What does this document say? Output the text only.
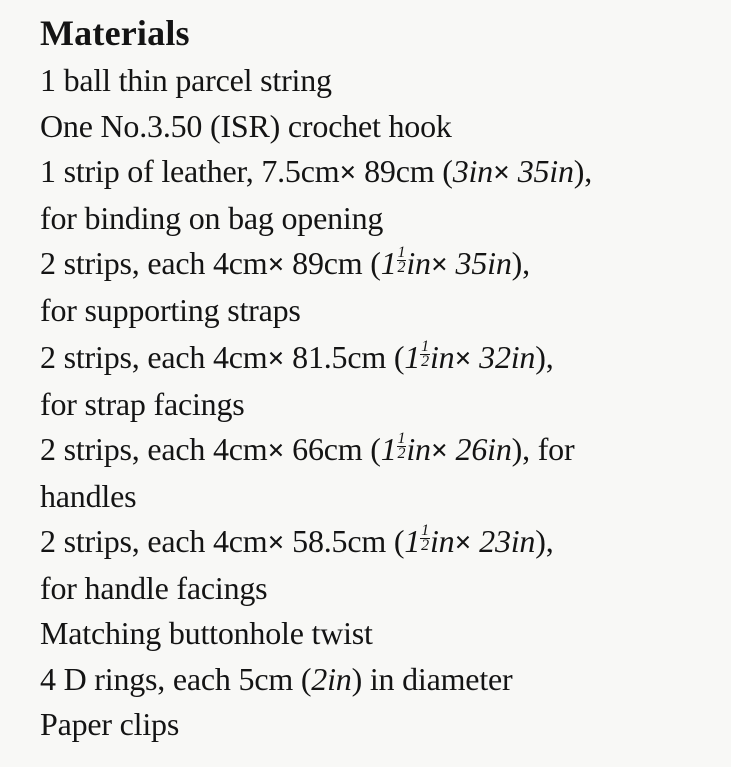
Materials
1 ball thin parcel string
One No.3.50 (ISR) crochet hook
1 strip of leather, 7.5cm× 89cm (3in× 35in),
for binding on bag opening
2 strips, each 4cm× 89cm $(1 \frac{1}{2} in\times 35in)$,
for supporting straps
2 strips, each 4cm× 81.5cm $(1 \frac{1}{2} in\times 32in)$,
for strap facings
2 strips, each 4cm× 66cm $(1 \frac{1}{2} in\times 26in)$, for
handles
2 strips, each 4cm× 58.5cm $(1 \frac{1}{2} in\times 23in)$,
for handle facings
Matching buttonhole twist
4 D rings, each 5cm (2in) in diameter
Paper clips
